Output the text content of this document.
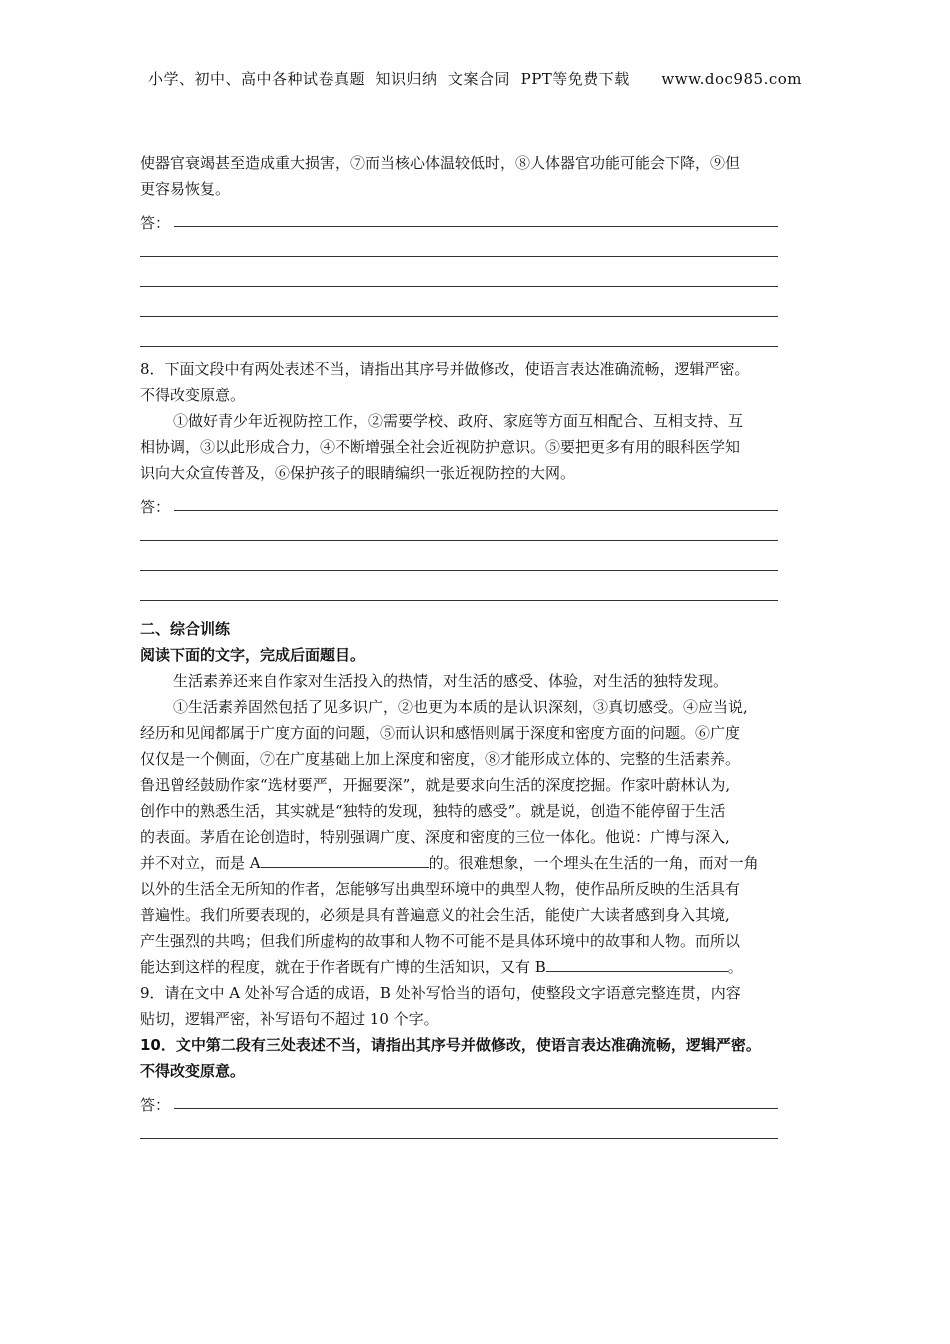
小学、初中、高中各种试卷真题  知识归纳  文案合同  PPT等免费下载      www.doc985.com
使器官衰竭甚至造成重大损害，⑦而当核心体温较低时，⑧人体器官功能可能会下降，⑨但
更容易恢复。
答：
8．下面文段中有两处表述不当，请指出其序号并做修改，使语言表达准确流畅，逻辑严密。
不得改变原意。
①做好青少年近视防控工作，②需要学校、政府、家庭等方面互相配合、互相支持、互
相协调，③以此形成合力，④不断增强全社会近视防护意识。⑤要把更多有用的眼科医学知
识向大众宣传普及，⑥保护孩子的眼睛编织一张近视防控的大网。
答：
二、综合训练
阅读下面的文字，完成后面题目。
生活素养还来自作家对生活投入的热情，对生活的感受、体验，对生活的独特发现。
①生活素养固然包括了见多识广，②也更为本质的是认识深刻，③真切感受。④应当说,
经历和见闻都属于广度方面的问题，⑤而认识和感悟则属于深度和密度方面的问题。⑥广度
仅仅是一个侧面，⑦在广度基础上加上深度和密度，⑧才能形成立体的、完整的生活素养。
鲁迅曾经鼓励作家“选材要严，开掘要深”，就是要求向生活的深度挖掘。作家叶蔚林认为,
创作中的熟悉生活，其实就是“独特的发现，独特的感受”。就是说，创造不能停留于生活
的表面。茅盾在论创造时，特别强调广度、深度和密度的三位一体化。他说：广博与深入,
并不对立，而是 A	的。很难想象，一个埋头在生活的一角，而对一角
以外的生活全无所知的作者，怎能够写出典型环境中的典型人物，使作品所反映的生活具有
普遍性。我们所要表现的，必须是具有普遍意义的社会生活，能使广大读者感到身入其境,
产生强烈的共鸣；但我们所虚构的故事和人物不可能不是具体环境中的故事和人物。而所以
能达到这样的程度，就在于作者既有广博的生活知识，又有 B	。
9．请在文中 A 处补写合适的成语，B 处补写恰当的语句，使整段文字语意完整连贯，内容
贴切，逻辑严密，补写语句不超过 10 个字。
10．文中第二段有三处表述不当，请指出其序号并做修改，使语言表达准确流畅，逻辑严密。
不得改变原意。
答：
